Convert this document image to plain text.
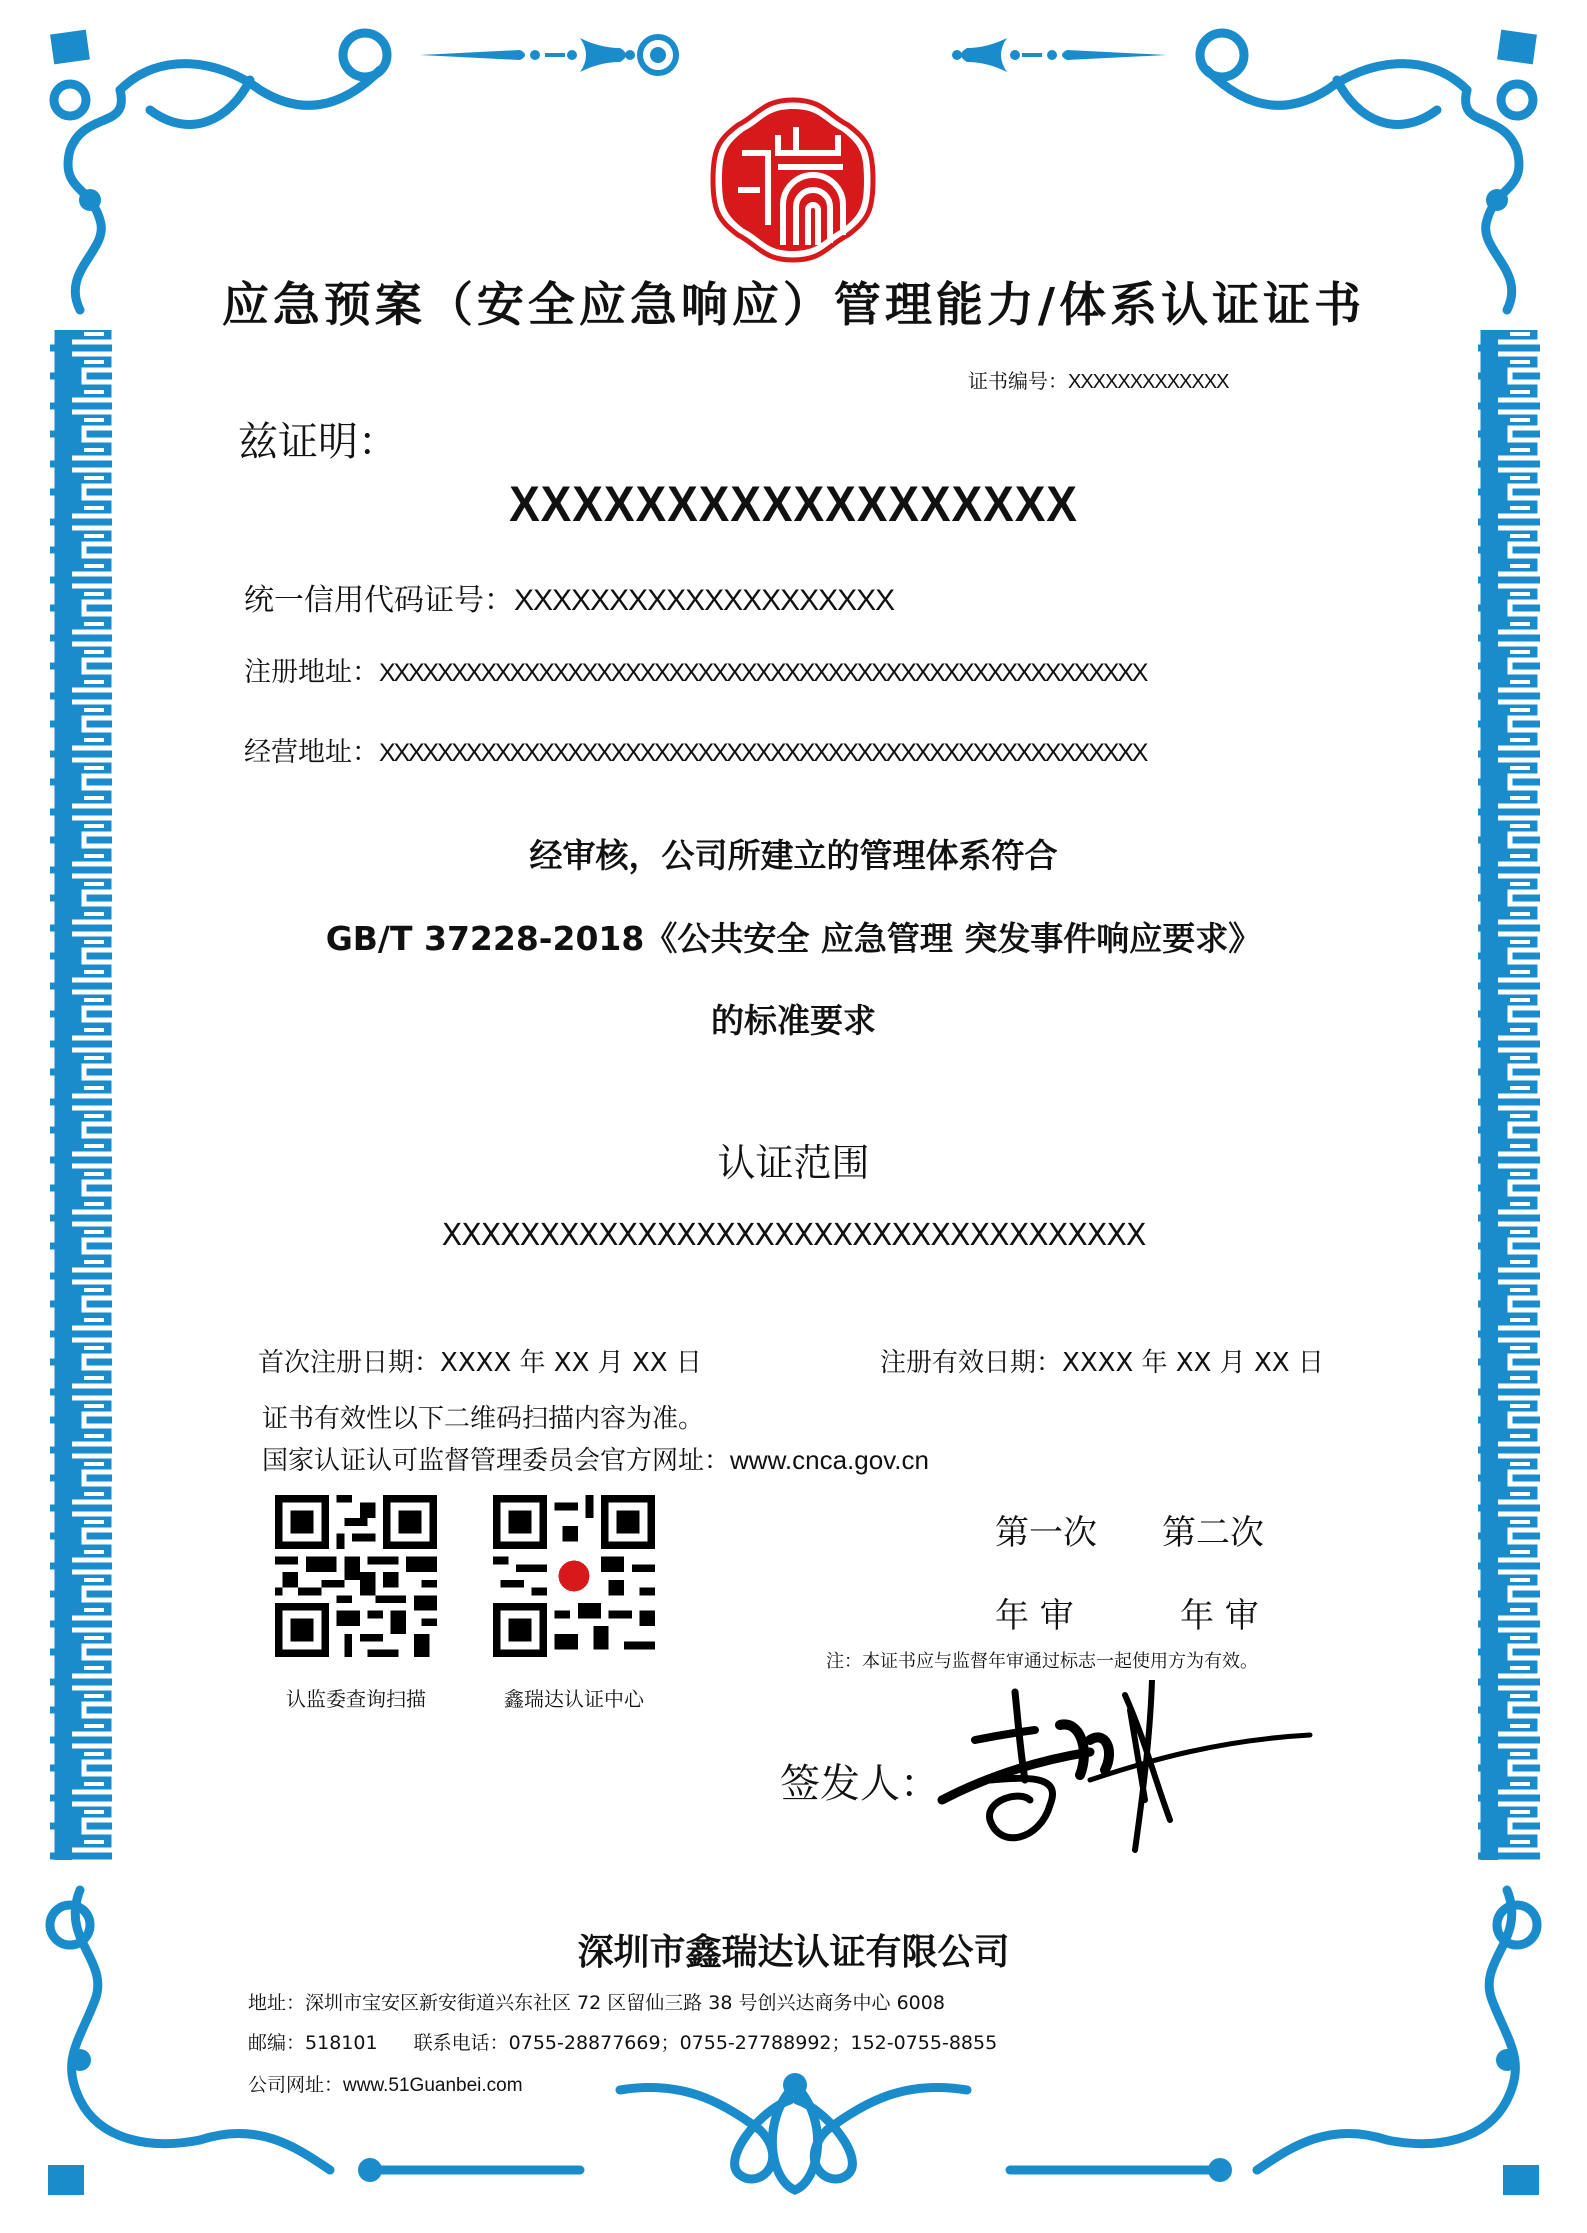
应急预案（安全应急响应）管理能力/体系认证证书
证书编号：XXXXXXXXXXXXX
兹证明：
XXXXXXXXXXXXXXXXXX
统一信用代码证号：XXXXXXXXXXXXXXXXXXXX
注册地址：XXXXXXXXXXXXXXXXXXXXXXXXXXXXXXXXXXXXXXXXXXXXXXXXXXXXX
经营地址：XXXXXXXXXXXXXXXXXXXXXXXXXXXXXXXXXXXXXXXXXXXXXXXXXXXXX
经审核，公司所建立的管理体系符合
GB/T 37228-2018《公共安全 应急管理 突发事件响应要求》
的标准要求
认证范围
XXXXXXXXXXXXXXXXXXXXXXXXXXXXXXXXXXXX
首次注册日期：XXXX 年 XX 月 XX 日	注册有效日期：XXXX 年 XX 月 XX 日
证书有效性以下二维码扫描内容为准。
国家认证认可监督管理委员会官方网址：www.cnca.gov.cn
认监委查询扫描	鑫瑞达认证中心
第一次 第二次
年 审	年 审
注：本证书应与监督年审通过标志一起使用方为有效。
签发人：
深圳市鑫瑞达认证有限公司
地址：深圳市宝安区新安街道兴东社区 72 区留仙三路 38 号创兴达商务中心 6008
邮编：518101 联系电话：0755-28877669；0755-27788992；152-0755-8855
公司网址：www.51Guanbei.com
